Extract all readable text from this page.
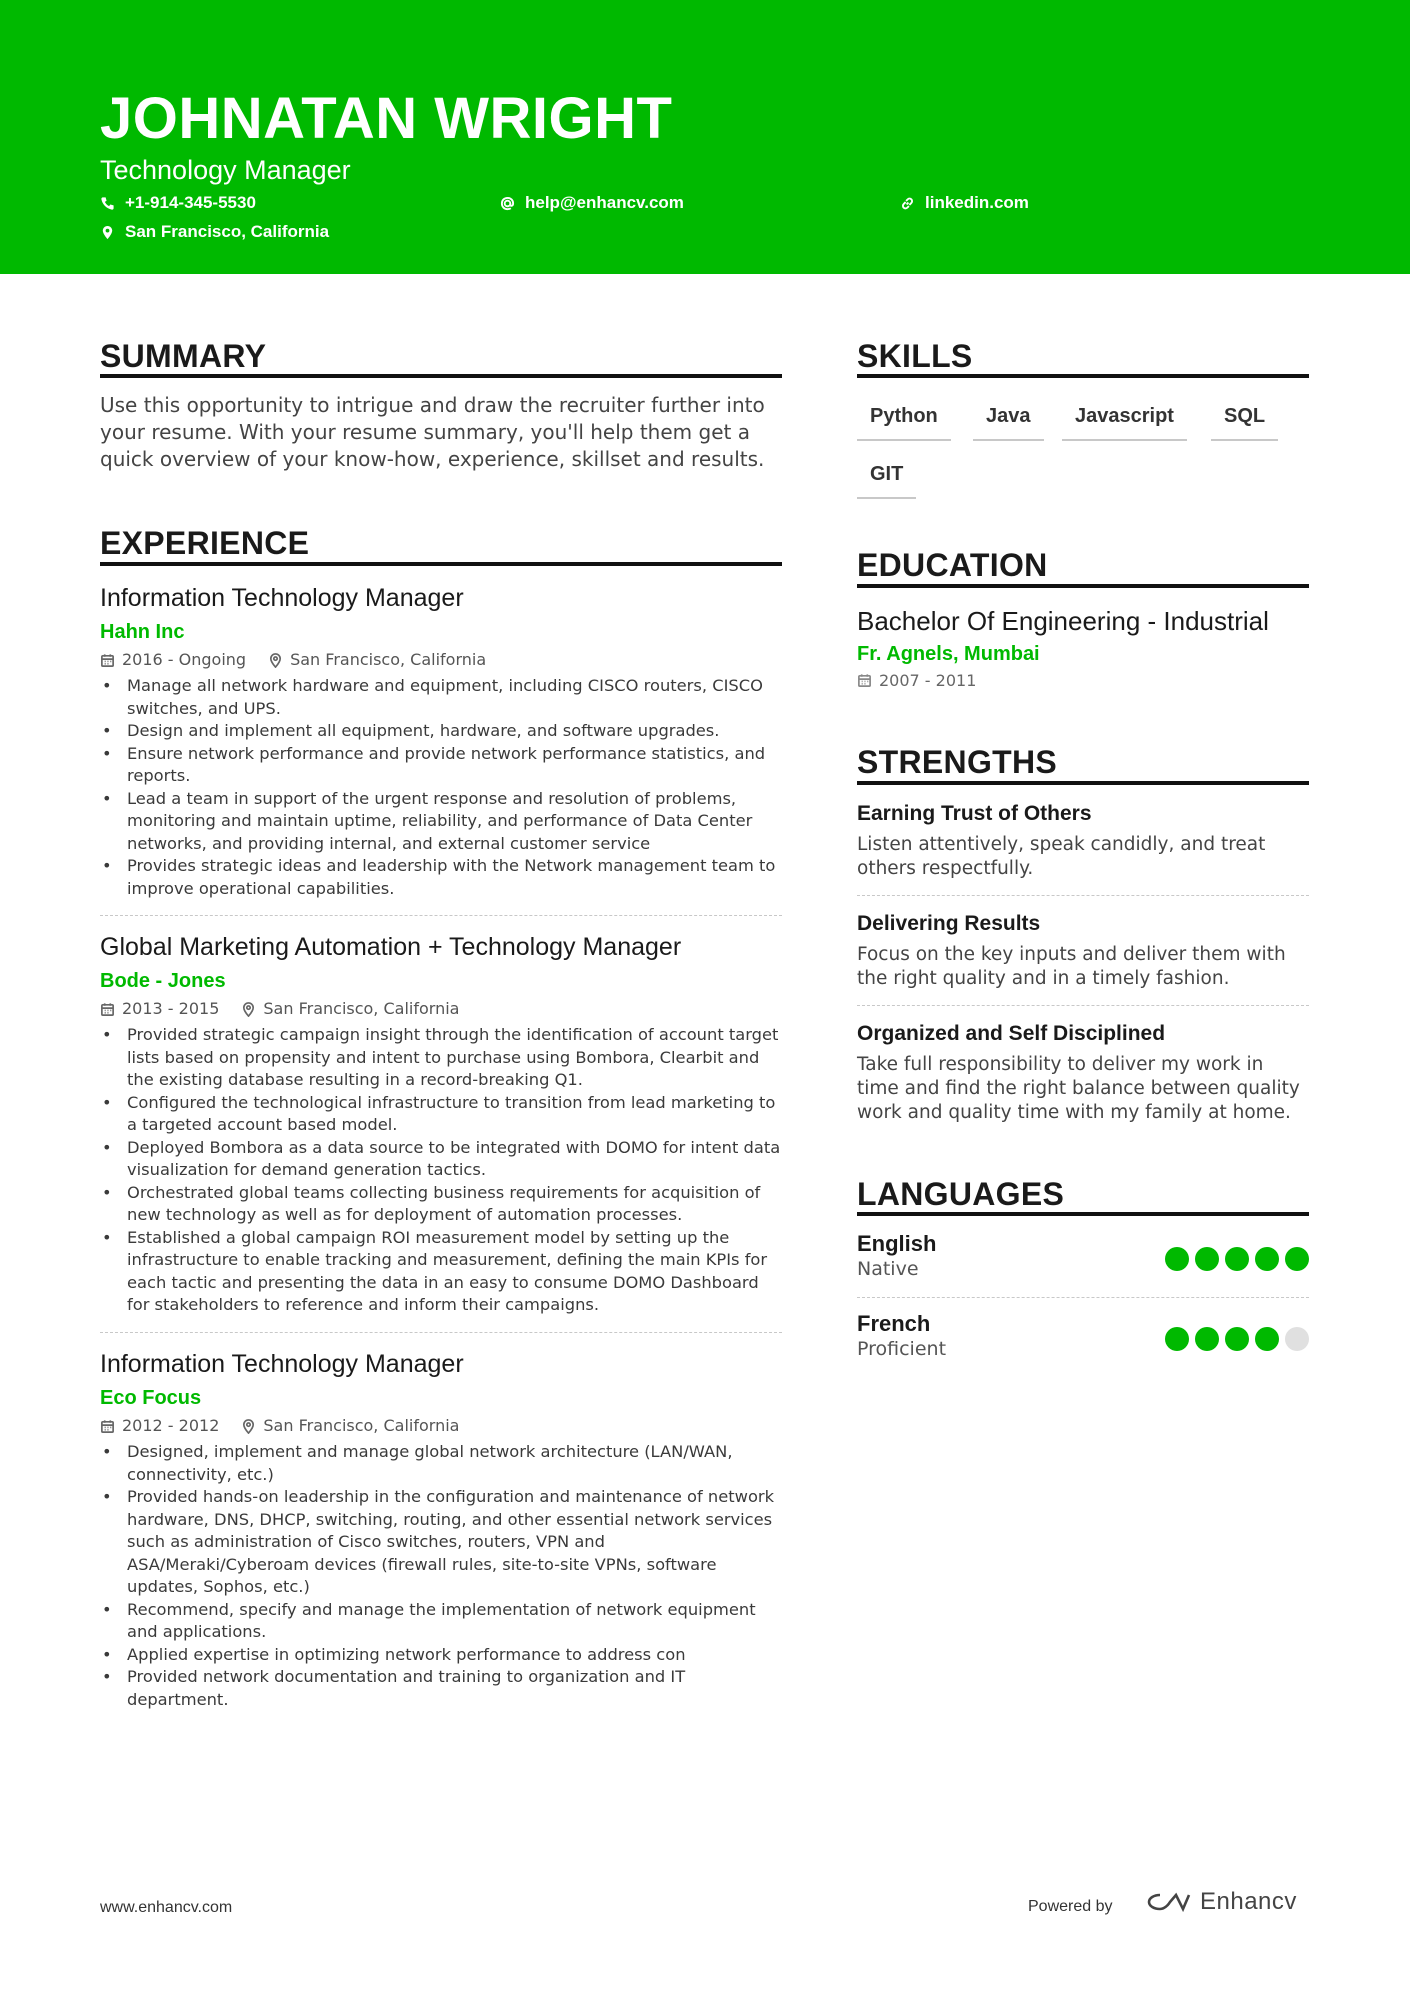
JOHNATAN WRIGHT
Technology Manager
+1-914-345-5530	help@enhancv.com	linkedin.com
San Francisco, California
SUMMARY
Use this opportunity to intrigue and draw the recruiter further into your resume. With your resume summary, you'll help them get a quick overview of your know-how, experience, skillset and results.
EXPERIENCE
Information Technology Manager
Hahn Inc
2016 - Ongoing	San Francisco, California
• Manage all network hardware and equipment, including CISCO routers, CISCO switches, and UPS.
• Design and implement all equipment, hardware, and software upgrades.
• Ensure network performance and provide network performance statistics, and reports.
• Lead a team in support of the urgent response and resolution of problems, monitoring and maintain uptime, reliability, and performance of Data Center networks, and providing internal, and external customer service
• Provides strategic ideas and leadership with the Network management team to improve operational capabilities.
Global Marketing Automation + Technology Manager
Bode - Jones
2013 - 2015	San Francisco, California
• Provided strategic campaign insight through the identification of account target lists based on propensity and intent to purchase using Bombora, Clearbit and the existing database resulting in a record-breaking Q1.
• Configured the technological infrastructure to transition from lead marketing to a targeted account based model.
• Deployed Bombora as a data source to be integrated with DOMO for intent data visualization for demand generation tactics.
• Orchestrated global teams collecting business requirements for acquisition of new technology as well as for deployment of automation processes.
• Established a global campaign ROI measurement model by setting up the infrastructure to enable tracking and measurement, defining the main KPIs for each tactic and presenting the data in an easy to consume DOMO Dashboard for stakeholders to reference and inform their campaigns.
Information Technology Manager
Eco Focus
2012 - 2012	San Francisco, California
• Designed, implement and manage global network architecture (LAN/WAN, connectivity, etc.)
• Provided hands-on leadership in the configuration and maintenance of network hardware, DNS, DHCP, switching, routing, and other essential network services such as administration of Cisco switches, routers, VPN and ASA/Meraki/Cyberoam devices (firewall rules, site-to-site VPNs, software updates, Sophos, etc.)
• Recommend, specify and manage the implementation of network equipment and applications.
• Applied expertise in optimizing network performance to address con
• Provided network documentation and training to organization and IT department.
SKILLS
Python	Java	Javascript	SQL
GIT
EDUCATION
Bachelor Of Engineering - Industrial
Fr. Agnels, Mumbai
2007 - 2011
STRENGTHS
Earning Trust of Others
Listen attentively, speak candidly, and treat others respectfully.
Delivering Results
Focus on the key inputs and deliver them with the right quality and in a timely fashion.
Organized and Self Disciplined
Take full responsibility to deliver my work in time and find the right balance between quality work and quality time with my family at home.
LANGUAGES
English
Native
French
Proficient
www.enhancv.com	Powered by	Enhancv
